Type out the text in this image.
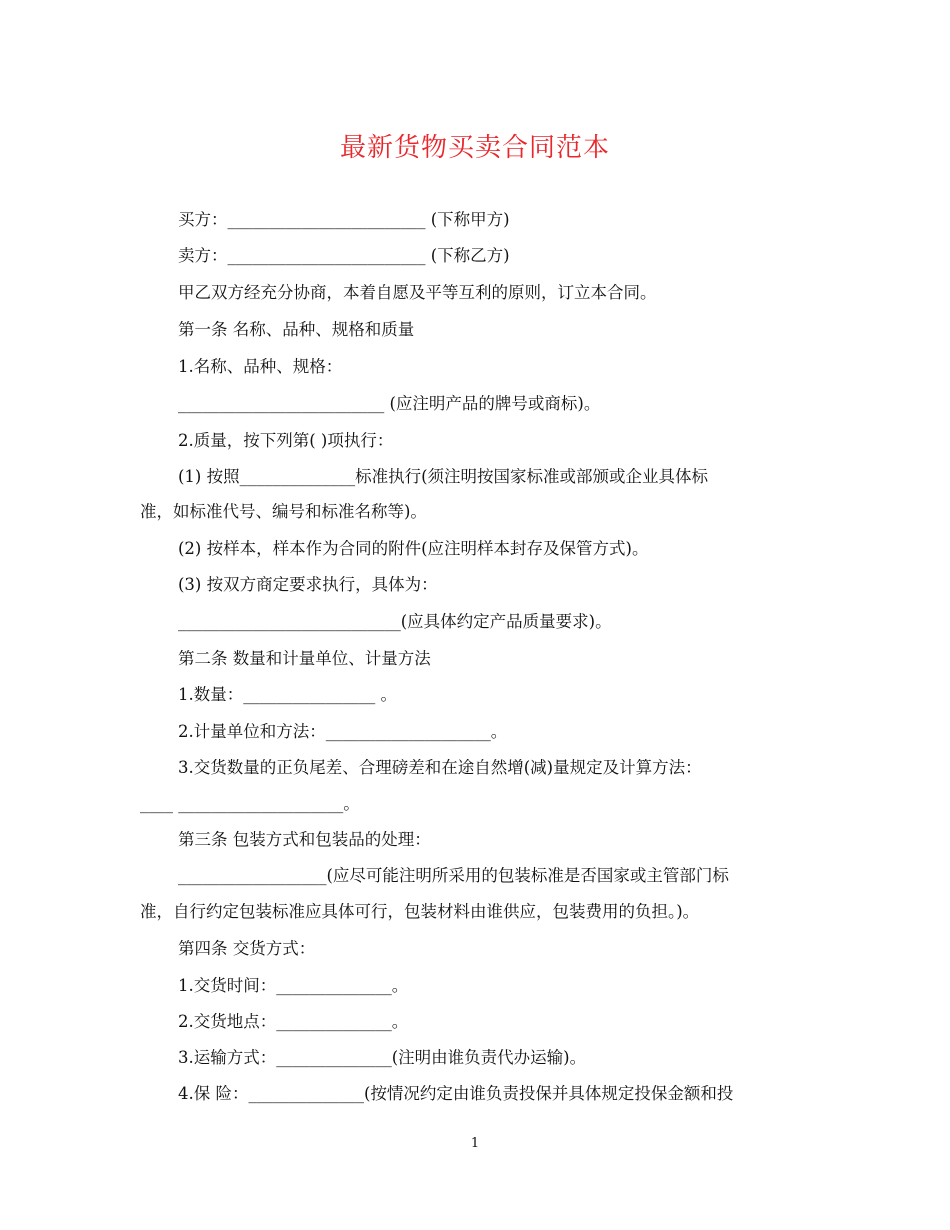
最新货物买卖合同范本
买方：________________________ (下称甲方)
卖方：________________________ (下称乙方)
甲乙双方经充分协商，本着自愿及平等互利的原则，订立本合同。
第一条 名称、品种、规格和质量
1.名称、品种、规格：
_________________________ (应注明产品的牌号或商标)。
2.质量，按下列第( )项执行：
(1) 按照______________标准执行(须注明按国家标准或部颁或企业具体标
准，如标准代号、编号和标准名称等)。
(2) 按样本，样本作为合同的附件(应注明样本封存及保管方式)。
(3) 按双方商定要求执行，具体为：
___________________________(应具体约定产品质量要求)。
第二条 数量和计量单位、计量方法
1.数量：________________ 。
2.计量单位和方法：____________________。
3.交货数量的正负尾差、合理磅差和在途自然增(减)量规定及计算方法：
____ ____________________。
第三条 包装方式和包装品的处理：
__________________(应尽可能注明所采用的包装标准是否国家或主管部门标
准，自行约定包装标准应具体可行，包装材料由谁供应，包装费用的负担。)。
第四条 交货方式：
1.交货时间：______________。
2.交货地点：______________。
3.运输方式：______________(注明由谁负责代办运输)。
4.保 险：______________(按情况约定由谁负责投保并具体规定投保金额和投
1
